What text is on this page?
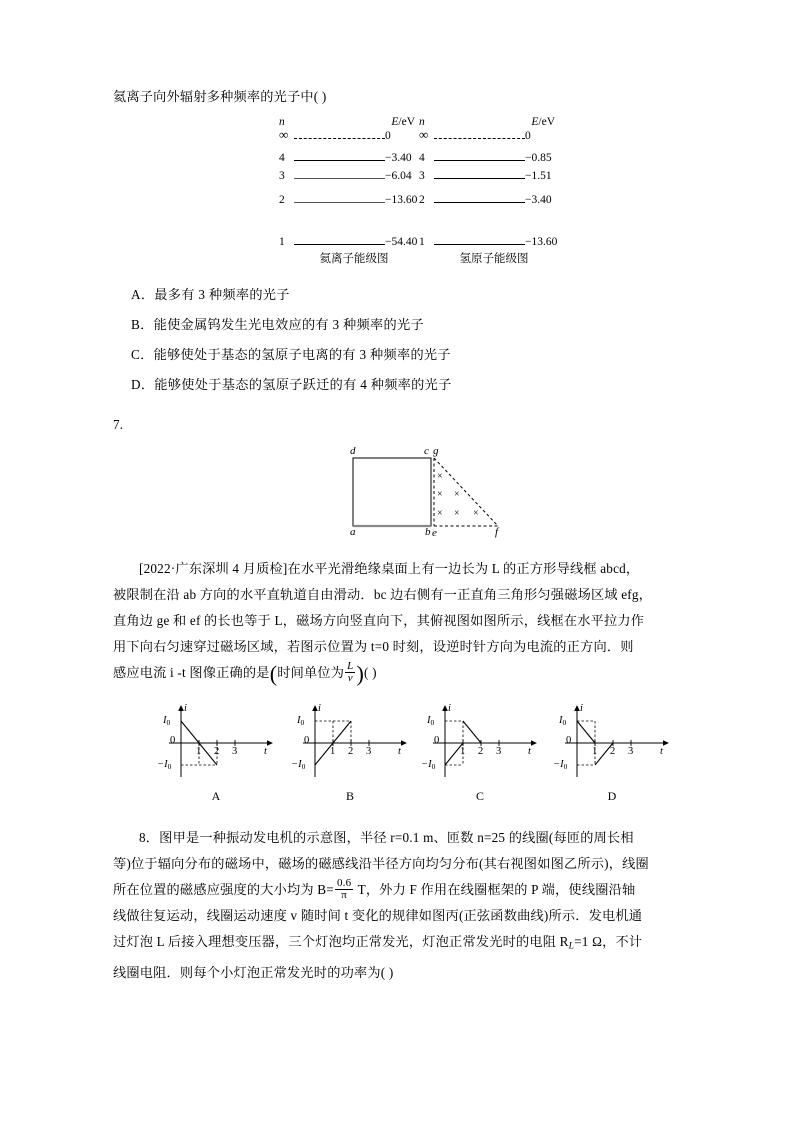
氦离子向外辐射多种频率的光子中( )

n	E/eV
∞	0
4	−3.40
3	−6.04
2	−13.60
1	−54.40
氦离子能级图
n	E/eV
∞	0
4	−0.85
3	−1.51
2	−3.40
1	−13.60
氢原子能级图

A．最多有 3 种频率的光子

B．能使金属钨发生光电效应的有 3 种频率的光子

C．能够使处于基态的氢原子电离的有 3 种频率的光子

D．能够使处于基态的氢原子跃迁的有 4 种频率的光子

7.

×
× ×
× × ×
a	b
c
d
e	f
g

[2022·广东深圳 4 月质检]在水平光滑绝缘桌面上有一边长为 L 的正方形导线框 abcd，

被限制在沿 ab 方向的水平直轨道自由滑动．bc 边右侧有一正直角三角形匀强磁场区域 efg，

直角边 ge 和 ef 的长也等于 L，磁场方向竖直向下，其俯视图如图所示，线框在水平拉力作

用下向右匀速穿过磁场区域，若图示位置为 t=0 时刻，设逆时针方向为电流的正方向．则

感应电流 i -t 图像正确的是(时间单位为 $\frac{L}{v}$ )( )

i
t
$I_0$
0
$-I_0$
1 2 3
A
i
t
$I_0$
0
$-I_0$
1 2 3
B
i
t
$I_0$
0
$-I_0$
1 2 3
C
i
t
$I_0$
0
$-I_0$
1 2 3
D

8．图甲是一种振动发电机的示意图，半径 r=0.1 m、匝数 n=25 的线圈(每匝的周长相

等)位于辐向分布的磁场中，磁场的磁感线沿半径方向均匀分布(其右视图如图乙所示)，线圈

所在位置的磁感应强度的大小均为 $B= \frac{0.6}{\pi}$ T，外力 F 作用在线圈框架的 P 端，使线圈沿轴

线做往复运动，线圈运动速度 v 随时间 t 变化的规律如图丙(正弦函数曲线)所示．发电机通

过灯泡 L 后接入理想变压器，三个灯泡均正常发光，灯泡正常发光时的电阻 $R_L=1$ Ω，不计

线圈电阻．则每个小灯泡正常发光时的功率为( )
